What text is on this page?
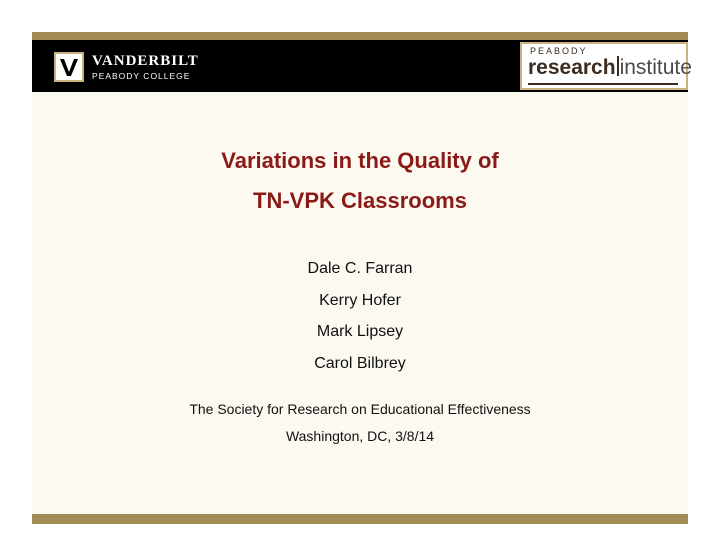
VANDERBILT
PEABODY COLLEGE
PEABODY
research institute
Variations in the Quality of
TN-VPK Classrooms
Dale C. Farran
Kerry Hofer
Mark Lipsey
Carol Bilbrey
The Society for Research on Educational Effectiveness
Washington, DC, 3/8/14
